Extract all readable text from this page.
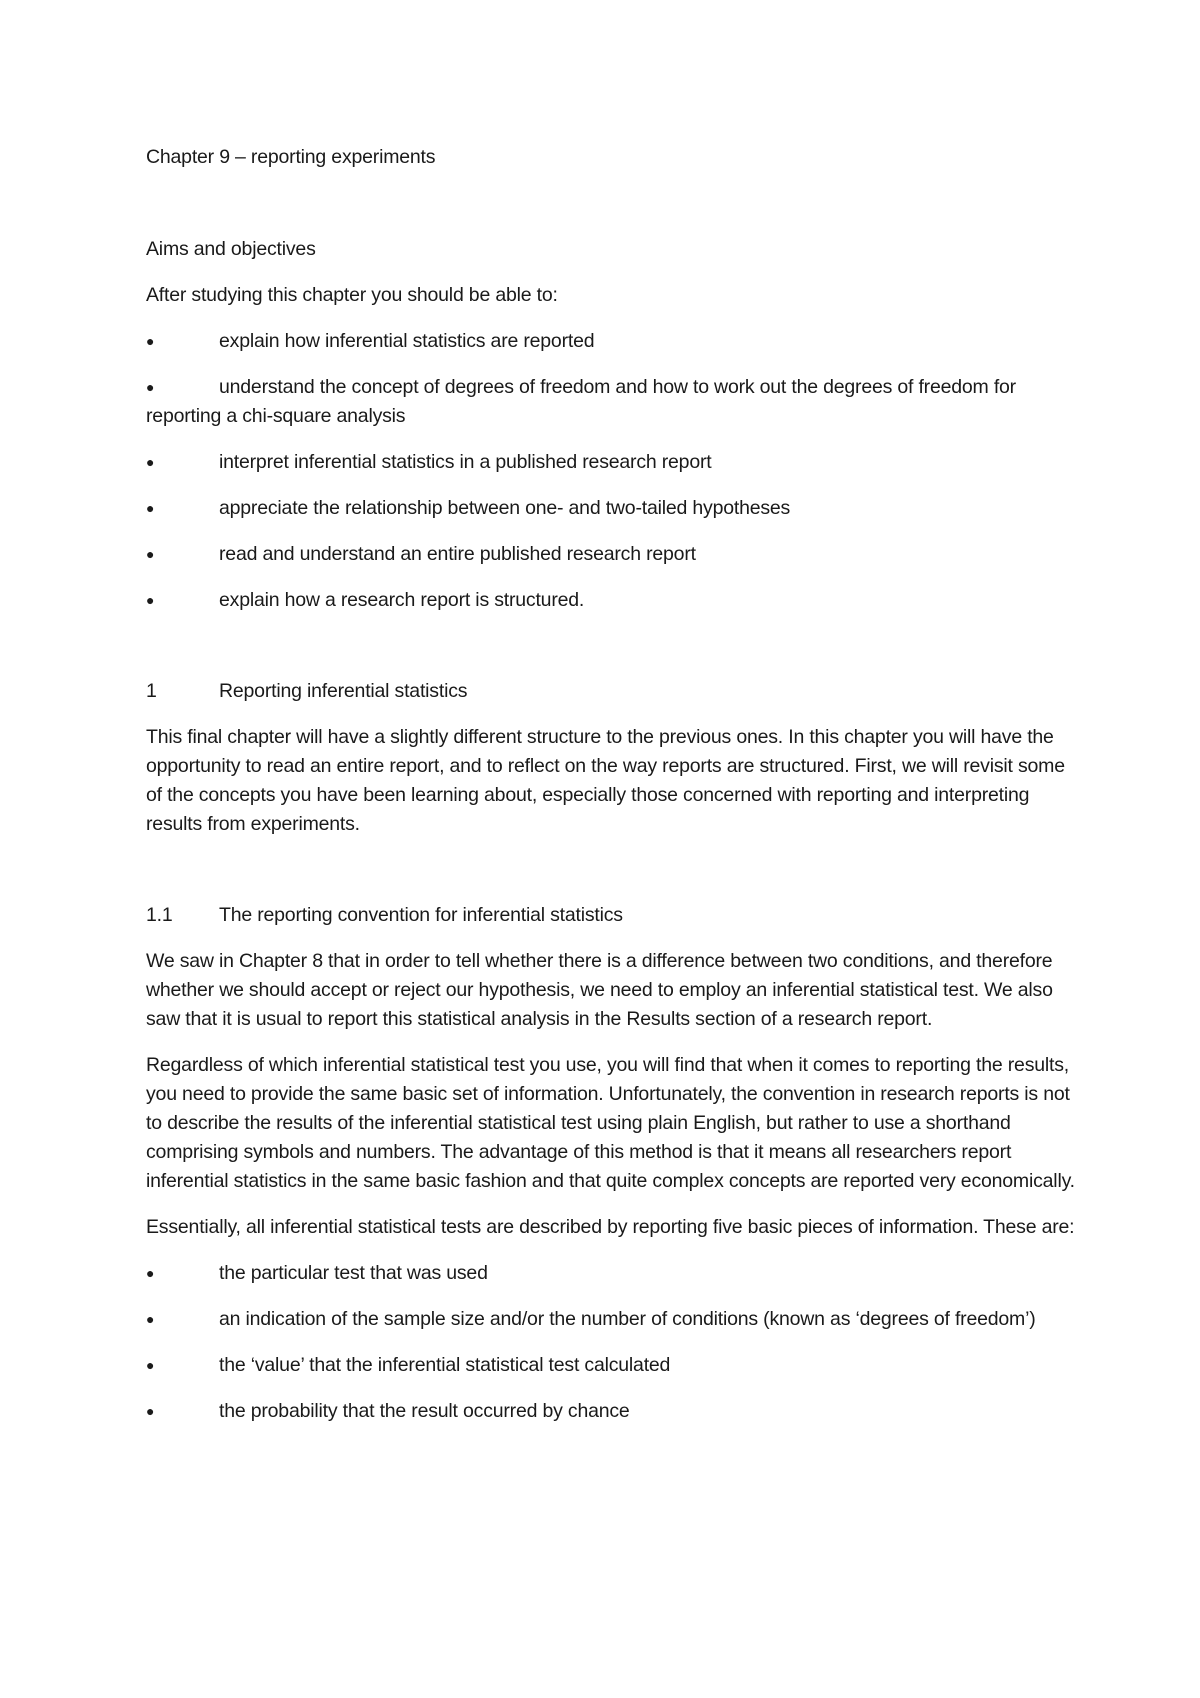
Chapter 9 – reporting experiments

Aims and objectives

After studying this chapter you should be able to:

●	explain how inferential statistics are reported

●	understand the concept of degrees of freedom and how to work out the degrees of freedom for reporting a chi-square analysis

●	interpret inferential statistics in a published research report

●	appreciate the relationship between one- and two-tailed hypotheses

●	read and understand an entire published research report

●	explain how a research report is structured.

1	Reporting inferential statistics

This final chapter will have a slightly different structure to the previous ones. In this chapter you will have the opportunity to read an entire report, and to reflect on the way reports are structured. First, we will revisit some of the concepts you have been learning about, especially those concerned with reporting and interpreting results from experiments.

1.1 The reporting convention for inferential statistics

We saw in Chapter 8 that in order to tell whether there is a difference between two conditions, and therefore whether we should accept or reject our hypothesis, we need to employ an inferential statistical test. We also saw that it is usual to report this statistical analysis in the Results section of a research report.

Regardless of which inferential statistical test you use, you will find that when it comes to reporting the results, you need to provide the same basic set of information. Unfortunately, the convention in research reports is not to describe the results of the inferential statistical test using plain English, but rather to use a shorthand comprising symbols and numbers. The advantage of this method is that it means all researchers report inferential statistics in the same basic fashion and that quite complex concepts are reported very economically.

Essentially, all inferential statistical tests are described by reporting five basic pieces of information. These are:

●	the particular test that was used

●	an indication of the sample size and/or the number of conditions (known as ‘degrees of freedom’)

●	the ‘value’ that the inferential statistical test calculated

●	the probability that the result occurred by chance
